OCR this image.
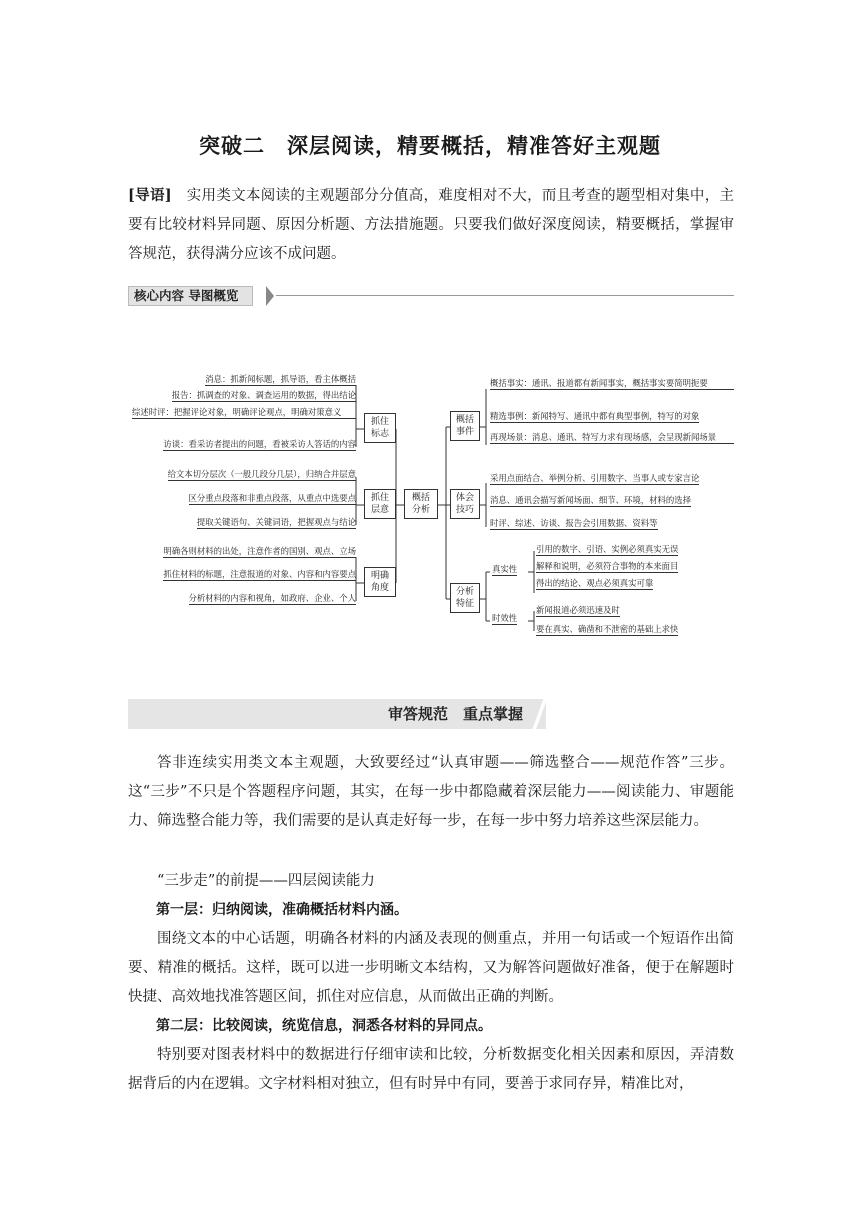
突破二　深层阅读，精要概括，精准答好主观题
[导语]　实用类文本阅读的主观题部分分值高，难度相对不大，而且考查的题型相对集中，主要有比较材料异同题、原因分析题、方法措施题。只要我们做好深度阅读，精要概括，掌握审答规范，获得满分应该不成问题。
核心内容 导图概览
概括
分析
抓住
标志
抓住
层意
明确
角度
消息：抓新闻标题，抓导语，看主体概括
报告：抓调查的对象、调查运用的数据，得出结论
综述时评：把握评论对象，明确评论观点，明确对策意义
访谈：看采访者提出的问题，看被采访人答话的内容
给文本切分层次（一般几段分几层），归纳合并层意
区分重点段落和非重点段落，从重点中选要点
提取关键语句、关键词语，把握观点与结论
明确各则材料的出处，注意作者的国别、观点、立场
抓住材料的标题，注意报道的对象、内容和内容要点
分析材料的内容和视角，如政府、企业、个人
概括
事件
体会
技巧
分析
特征
概括事实：通讯、报道都有新闻事实，概括事实要简明扼要
精选事例：新闻特写、通讯中都有典型事例，特写的对象
再现场景：消息、通讯、特写力求有现场感，会呈现新闻场景
采用点面结合、举例分析、引用数字、当事人或专家言论
消息、通讯会描写新闻场面、细节、环境，材料的选择
时评、综述、访谈、报告会引用数据、资料等
真实性
时效性
引用的数字、引语、实例必须真实无误
解释和说明，必须符合事物的本来面目
得出的结论、观点必须真实可靠
新闻报道必须迅速及时
要在真实、确凿和不泄密的基础上求快
审答规范　重点掌握
答非连续实用类文本主观题，大致要经过“认真审题——筛选整合——规范作答”三步。这“三步”不只是个答题程序问题，其实，在每一步中都隐藏着深层能力——阅读能力、审题能力、筛选整合能力等，我们需要的是认真走好每一步，在每一步中努力培养这些深层能力。
“三步走”的前提——四层阅读能力
第一层：归纳阅读，准确概括材料内涵。
围绕文本的中心话题，明确各材料的内涵及表现的侧重点，并用一句话或一个短语作出简要、精准的概括。这样，既可以进一步明晰文本结构，又为解答问题做好准备，便于在解题时快捷、高效地找准答题区间，抓住对应信息，从而做出正确的判断。
第二层：比较阅读，统览信息，洞悉各材料的异同点。
特别要对图表材料中的数据进行仔细审读和比较，分析数据变化相关因素和原因，弄清数据背后的内在逻辑。文字材料相对独立，但有时异中有同，要善于求同存异，精准比对，
